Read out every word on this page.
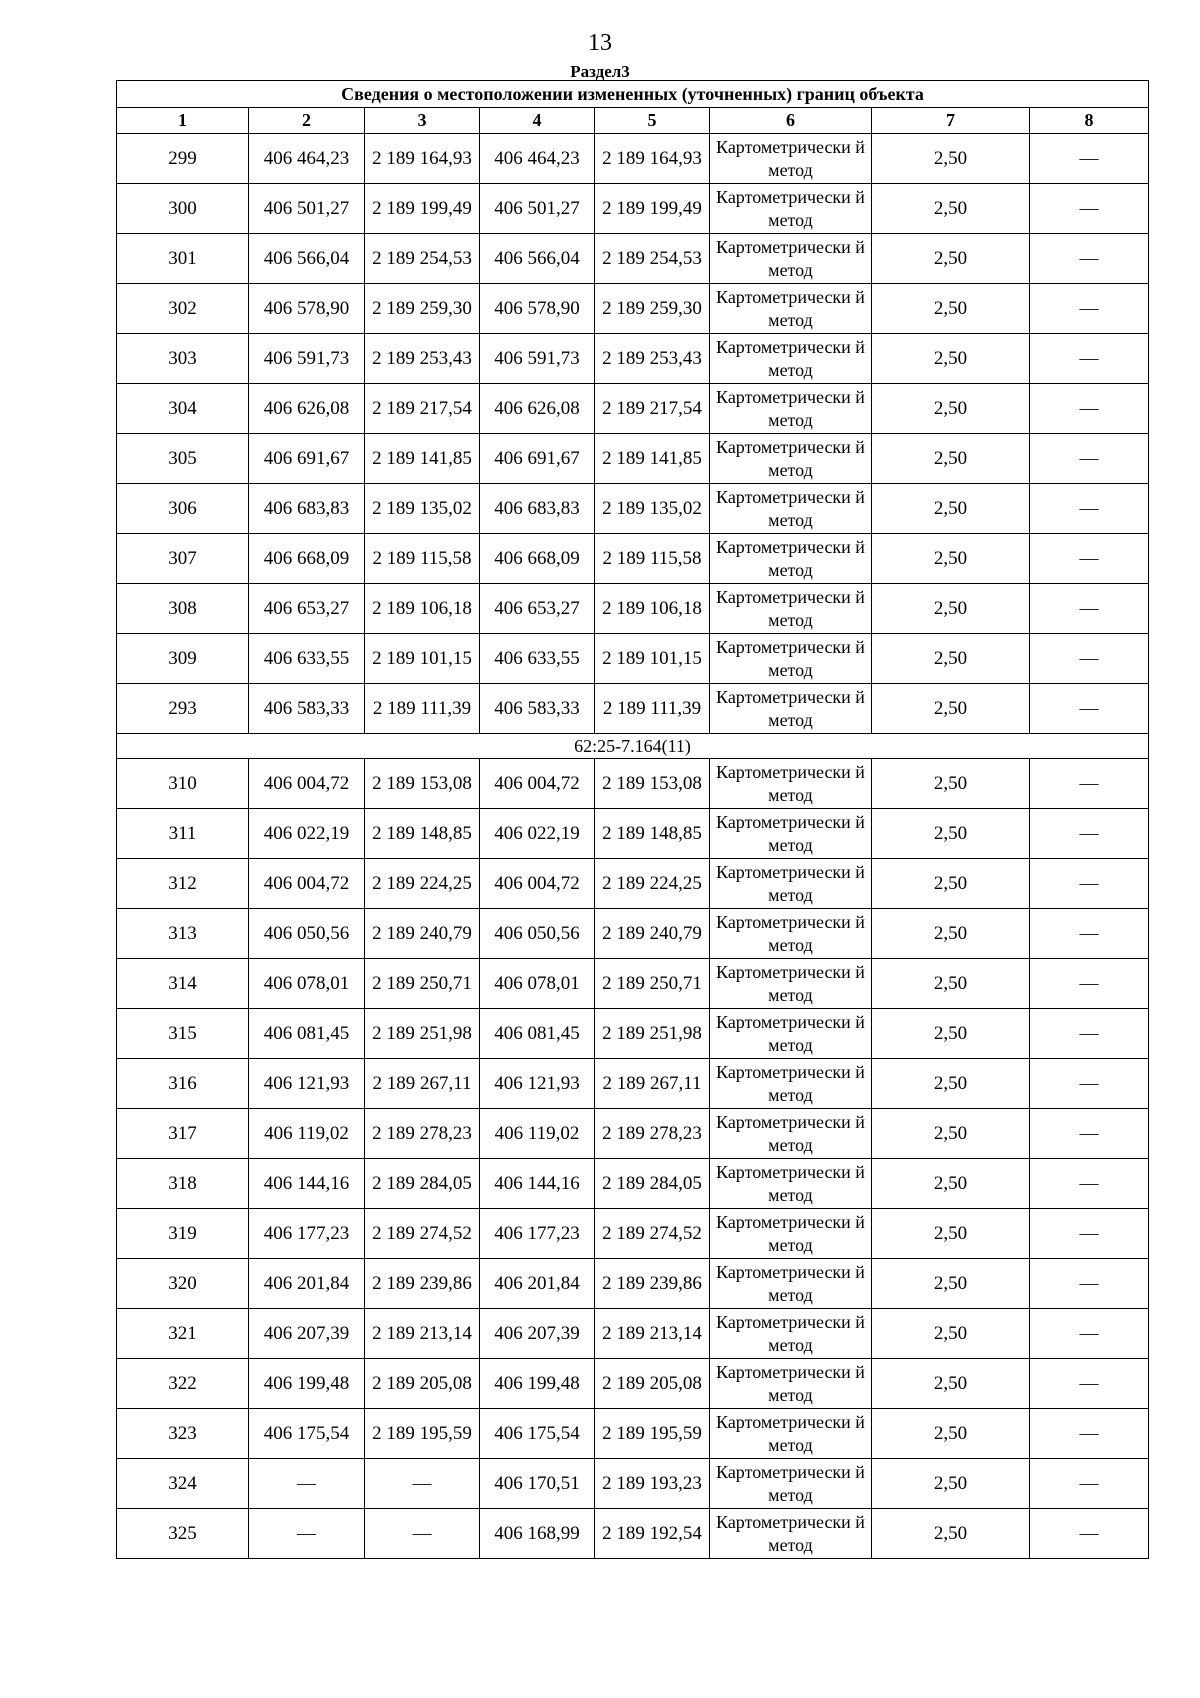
13
Раздел3
Сведения о местоположении измененных (уточненных) границ объекта							
1	2	3	4	5	6	7	8
299	406 464,23	2 189 164,93	406 464,23	2 189 164,93	Картометрически й метод	2,50	—
300	406 501,27	2 189 199,49	406 501,27	2 189 199,49	Картометрически й метод	2,50	—
301	406 566,04	2 189 254,53	406 566,04	2 189 254,53	Картометрически й метод	2,50	—
302	406 578,90	2 189 259,30	406 578,90	2 189 259,30	Картометрически й метод	2,50	—
303	406 591,73	2 189 253,43	406 591,73	2 189 253,43	Картометрически й метод	2,50	—
304	406 626,08	2 189 217,54	406 626,08	2 189 217,54	Картометрически й метод	2,50	—
305	406 691,67	2 189 141,85	406 691,67	2 189 141,85	Картометрически й метод	2,50	—
306	406 683,83	2 189 135,02	406 683,83	2 189 135,02	Картометрически й метод	2,50	—
307	406 668,09	2 189 115,58	406 668,09	2 189 115,58	Картометрически й метод	2,50	—
308	406 653,27	2 189 106,18	406 653,27	2 189 106,18	Картометрически й метод	2,50	—
309	406 633,55	2 189 101,15	406 633,55	2 189 101,15	Картометрически й метод	2,50	—
293	406 583,33	2 189 111,39	406 583,33	2 189 111,39	Картометрически й метод	2,50	—
62:25-7.164(11)							
310	406 004,72	2 189 153,08	406 004,72	2 189 153,08	Картометрически й метод	2,50	—
311	406 022,19	2 189 148,85	406 022,19	2 189 148,85	Картометрически й метод	2,50	—
312	406 004,72	2 189 224,25	406 004,72	2 189 224,25	Картометрически й метод	2,50	—
313	406 050,56	2 189 240,79	406 050,56	2 189 240,79	Картометрически й метод	2,50	—
314	406 078,01	2 189 250,71	406 078,01	2 189 250,71	Картометрически й метод	2,50	—
315	406 081,45	2 189 251,98	406 081,45	2 189 251,98	Картометрически й метод	2,50	—
316	406 121,93	2 189 267,11	406 121,93	2 189 267,11	Картометрически й метод	2,50	—
317	406 119,02	2 189 278,23	406 119,02	2 189 278,23	Картометрически й метод	2,50	—
318	406 144,16	2 189 284,05	406 144,16	2 189 284,05	Картометрически й метод	2,50	—
319	406 177,23	2 189 274,52	406 177,23	2 189 274,52	Картометрически й метод	2,50	—
320	406 201,84	2 189 239,86	406 201,84	2 189 239,86	Картометрически й метод	2,50	—
321	406 207,39	2 189 213,14	406 207,39	2 189 213,14	Картометрически й метод	2,50	—
322	406 199,48	2 189 205,08	406 199,48	2 189 205,08	Картометрически й метод	2,50	—
323	406 175,54	2 189 195,59	406 175,54	2 189 195,59	Картометрически й метод	2,50	—
324	—	—	406 170,51	2 189 193,23	Картометрически й метод	2,50	—
325	—	—	406 168,99	2 189 192,54	Картометрически й метод	2,50	—
